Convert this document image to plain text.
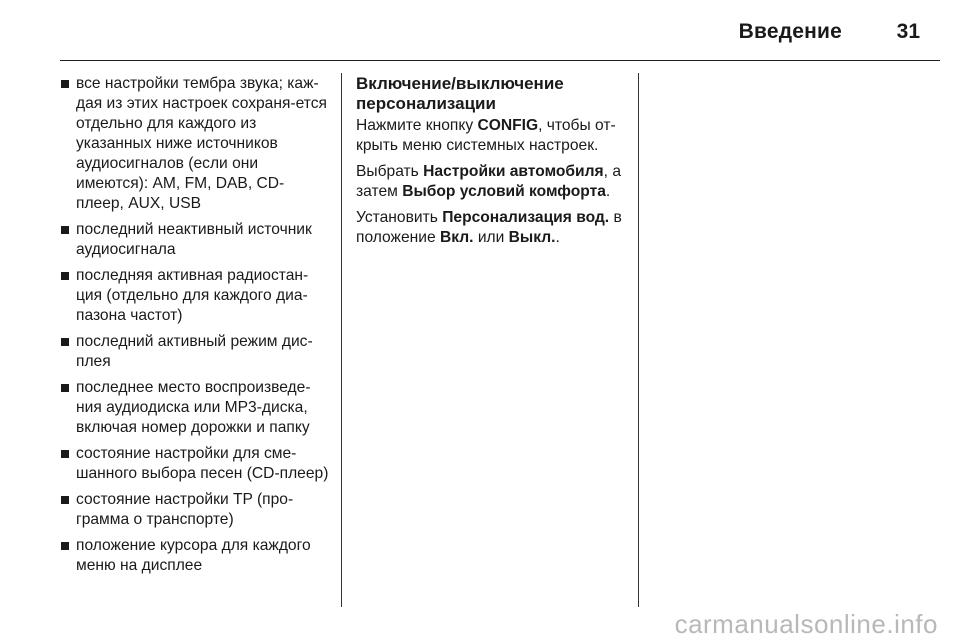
Введение	31
все настройки тембра звука; каж-дая из этих настроек сохраня-ется отдельно для каждого из указанных ниже источников аудиосигналов (если они имеются): AM, FM, DAB, CD-плеер, AUX, USB
последний неактивный источник аудиосигнала
последняя активная радиостан-ция (отдельно для каждого диа-пазона частот)
последний активный режим дис-плея
последнее место воспроизведе-ния аудиодиска или MP3-диска, включая номер дорожки и папку
состояние настройки для сме-шанного выбора песен (CD-плеер)
состояние настройки TP (про-грамма о транспорте)
положение курсора для каждого меню на дисплее
Включение/выключение персонализации

Нажмите кнопку CONFIG, чтобы от-крыть меню системных настроек.

Выбрать Настройки автомобиля, а затем Выбор условий комфорта.

Установить Персонализация вод. в положение Вкл. или Выкл..

carmanualsonline.info
